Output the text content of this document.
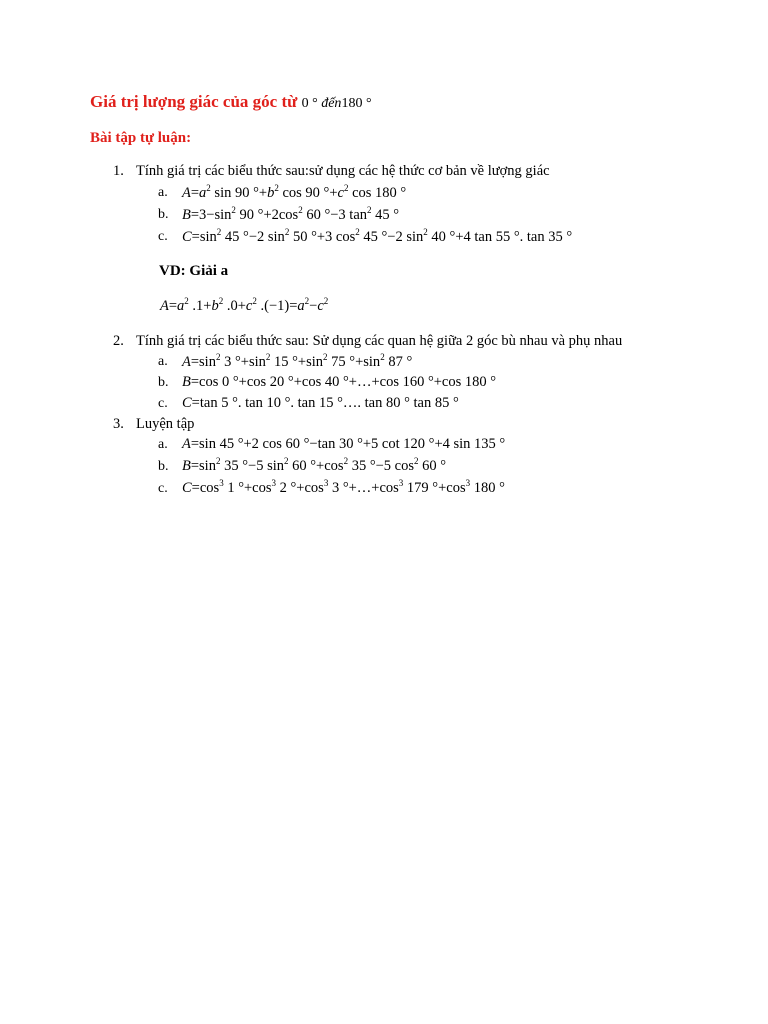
Giá trị lượng giác của góc từ 0 ° đến180 °
Bài tập tự luận:
1. Tính giá trị các biểu thức sau:sử dụng các hệ thức cơ bản về lượng giác
a. $A=a^2$ sin 90 $^\circ+b^2$ cos 90 $^\circ+c^2$ cos 180 °
b. $B=3-\sin^2$ 90 $^\circ+2\cos^2$ 60 °−3 $\tan^2 45$ °
c. $C=\sin^2$ 45 °−2 $\sin^2 50$ °+3 $\cos^2 45$ °−2 $\sin^2 40$ °+4 tan 55 °. tan 35 °
VD: Giải a
$A=a^2$ $.1+b^2$ $.0+c^2$ $.(-1)=a^2-c^2$
2. Tính giá trị các biểu thức sau: Sử dụng các quan hệ giữa 2 góc bù nhau và phụ nhau
a. $A=\sin^2$ 3 $^\circ+\sin^2$ 15 $^\circ+\sin^2$ 75 $^\circ+\sin^2$ 87 °
b. B=cos 0 °+cos 20 °+cos 40 °+…+cos 160 °+cos 180 °
c. C=tan 5 °. tan 10 °. tan 15 °…. tan 80 ° tan 85 °
3. Luyện tập
a. A=sin 45 °+2 cos 60 °−tan 30 °+5 cot 120 °+4 sin 135 °
b. $B=\sin^2$ 35 °−5 $\sin^2 60$ $^\circ+\cos^2$ 35 °−5 $\cos^2 60$ °
c. $C=\cos^3$ 1 $^\circ+\cos^3$ 2 $^\circ+\cos^3$ 3 $^\circ+\dots+\cos^3$ 179 $^\circ+\cos^3$ 180 °
